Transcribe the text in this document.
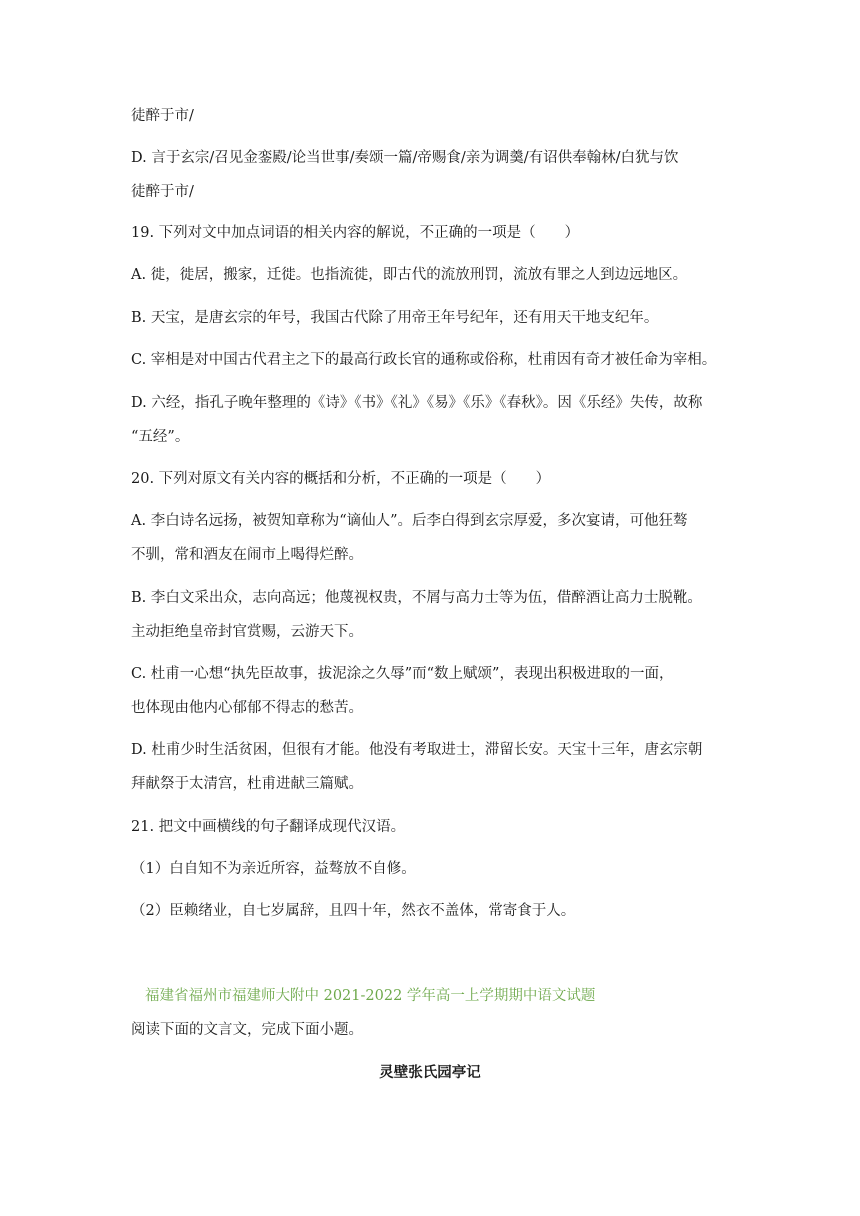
徒醉于市/
D. 言于玄宗/召见金銮殿/论当世事/奏颂一篇/帝赐食/亲为调羹/有诏供奉翰林/白犹与饮
徒醉于市/
19. 下列对文中加点词语的相关内容的解说，不正确的一项是（　　）
A. 徙，徙居，搬家，迁徙。也指流徙，即古代的流放刑罚，流放有罪之人到边远地区。
B. 天宝，是唐玄宗的年号，我国古代除了用帝王年号纪年，还有用天干地支纪年。
C. 宰相是对中国古代君主之下的最高行政长官的通称或俗称，杜甫因有奇才被任命为宰相。
D. 六经，指孔子晚年整理的《诗》《书》《礼》《易》《乐》《春秋》。因《乐经》失传，故称
“五经”。
20. 下列对原文有关内容的概括和分析，不正确的一项是（　　）
A. 李白诗名远扬，被贺知章称为“谪仙人”。后李白得到玄宗厚爱，多次宴请，可他狂骜
不驯，常和酒友在闹市上喝得烂醉。
B. 李白文采出众，志向高远；他蔑视权贵，不屑与高力士等为伍，借醉酒让高力士脱靴。
主动拒绝皇帝封官赏赐，云游天下。
C. 杜甫一心想“执先臣故事，拔泥涂之久辱”而“数上赋颂”，表现出积极进取的一面，
也体现由他内心郁郁不得志的愁苦。
D. 杜甫少时生活贫困，但很有才能。他没有考取进士，滞留长安。天宝十三年，唐玄宗朝
拜献祭于太清宫，杜甫进献三篇赋。
21. 把文中画横线的句子翻译成现代汉语。
（1）白自知不为亲近所容，益骜放不自修。
（2）臣赖绪业，自七岁属辞，且四十年，然衣不盖体，常寄食于人。
福建省福州市福建师大附中 2021-2022 学年高一上学期期中语文试题
阅读下面的文言文，完成下面小题。
灵壁张氏园亭记
